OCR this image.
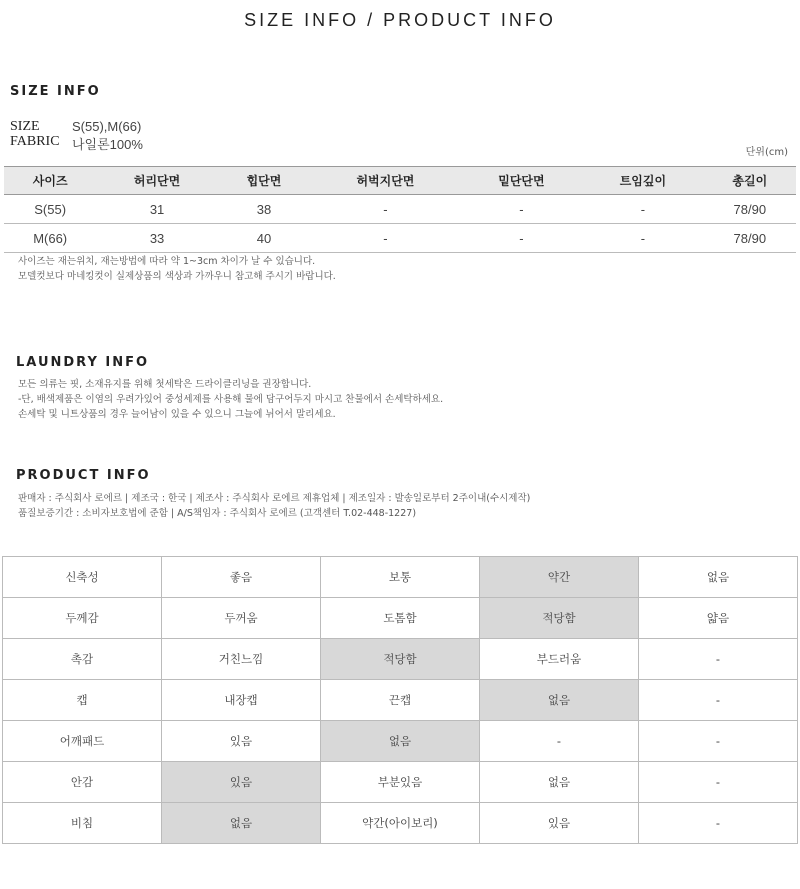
SIZE INFO / PRODUCT INFO
SIZE INFO
SIZE S(55),M(66)
FABRIC 나일론100%
단위(cm)
사이즈	허리단면	힙단면	허벅지단면	밑단단면	트임깊이	총길이
S(55)	31	38	-	-	-	78/90
M(66)	33	40	-	-	-	78/90
사이즈는 재는위치, 재는방법에 따라 약 1~3cm 차이가 날 수 있습니다.
모델컷보다 마네킹컷이 실제상품의 색상과 가까우니 참고해 주시기 바랍니다.
LAUNDRY INFO
모든 의류는 핏, 소재유지를 위해 첫세탁은 드라이클리닝을 권장합니다.
-단, 배색제품은 이염의 우려가있어 중성세제를 사용해 물에 담구어두지 마시고 찬물에서 손세탁하세요.
손세탁 및 니트상품의 경우 늘어남이 있을 수 있으니 그늘에 뉘어서 말리세요.
PRODUCT INFO
판매자 : 주식회사 로에르 | 제조국 : 한국 | 제조사 : 주식회사 로에르 제휴업체 | 제조일자 : 발송일로부터 2주이내(수시제작)
품질보증기간 : 소비자보호법에 준함 | A/S책임자 : 주식회사 로에르 (고객센터 T.02-448-1227)
신축성	좋음	보통	약간	없음
두께감	두꺼움	도톰함	적당함	얇음
촉감	거친느낌	적당함	부드러움	-
캡	내장캡	끈캡	없음	-
어깨패드	있음	없음	-	-
안감	있음	부분있음	없음	-
비침	없음	약간(아이보리)	있음	-
